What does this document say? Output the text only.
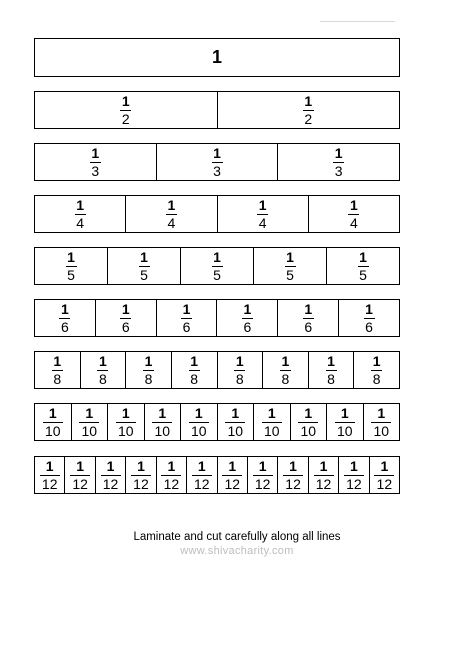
1
$\frac{1}{2}$	$\frac{1}{2}$
$\frac{1}{3}$	$\frac{1}{3}$	$\frac{1}{3}$
$\frac{1}{4}$	$\frac{1}{4}$	$\frac{1}{4}$	$\frac{1}{4}$
$\frac{1}{5}$	$\frac{1}{5}$	$\frac{1}{5}$	$\frac{1}{5}$	$\frac{1}{5}$
$\frac{1}{6}$	$\frac{1}{6}$	$\frac{1}{6}$	$\frac{1}{6}$	$\frac{1}{6}$	$\frac{1}{6}$
$\frac{1}{8} \frac{1}{8} \frac{1}{8} \frac{1}{8} \frac{1}{8} \frac{1}{8} \frac{1}{8} \frac{1}{8}$
$\frac{1}{10} \frac{1}{10} \frac{1}{10} \frac{1}{10} \frac{1}{10} \frac{1}{10} \frac{1}{10} \frac{1}{10} \frac{1}{10} \frac{1}{10}$
$\frac{1}{12} \frac{1}{12} \frac{1}{12} \frac{1}{12} \frac{1}{12} \frac{1}{12} \frac{1}{12} \frac{1}{12} \frac{1}{12} \frac{1}{12} \frac{1}{12} \frac{1}{12}$
Laminate and cut carefully along all lines
www.shivacharity.com
